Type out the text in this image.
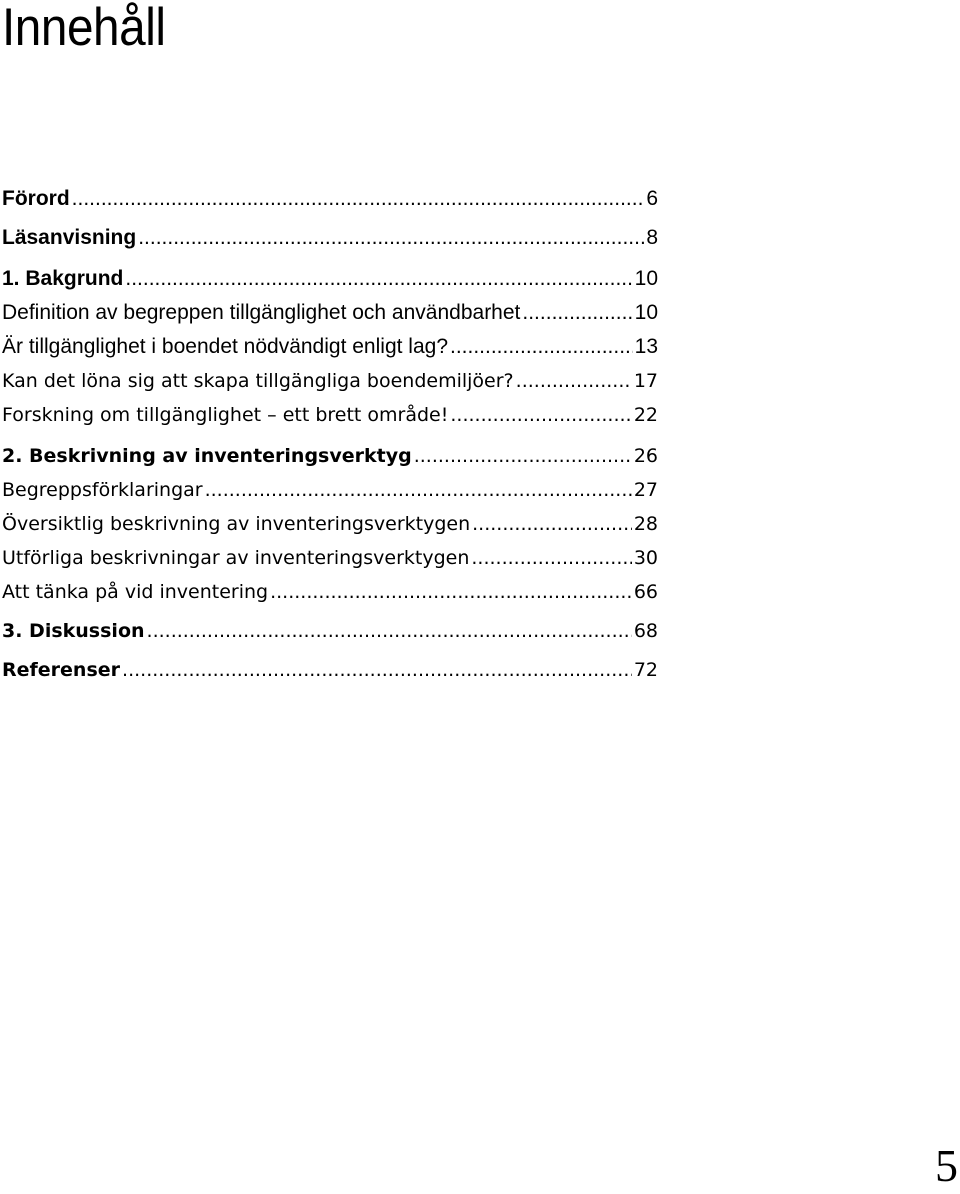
Innehåll
Förord .....	6
Läsanvisning .....	8
1. Bakgrund .....	10
Definition av begreppen tillgänglighet och användbarhet .....	10
Är tillgänglighet i boendet nödvändigt enligt lag? .....	13
Kan det löna sig att skapa tillgängliga boendemiljöer? .....	17
Forskning om tillgänglighet – ett brett område! .....	22
2. Beskrivning av inventeringsverktyg .....	26
Begreppsförklaringar .....	27
Översiktlig beskrivning av inventeringsverktygen .....	28
Utförliga beskrivningar av inventeringsverktygen .....	30
Att tänka på vid inventering .....	66
3. Diskussion .....	68
Referenser .....	72

5
